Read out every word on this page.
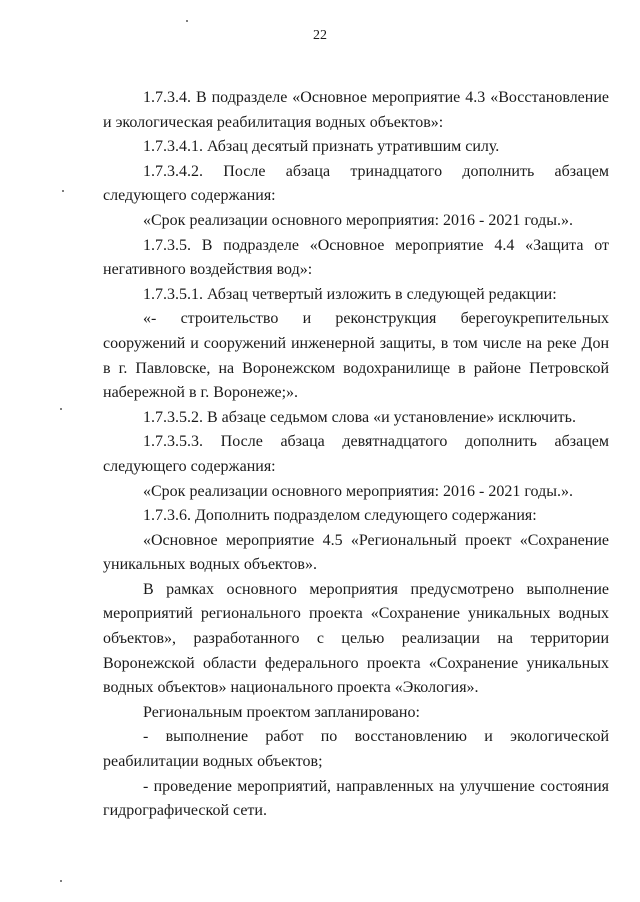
22

1.7.3.4. В подразделе «Основное мероприятие 4.3 «Восстановление и экологическая реабилитация водных объектов»:

1.7.3.4.1. Абзац десятый признать утратившим силу.

1.7.3.4.2. После абзаца тринадцатого дополнить абзацем следующего содержания:

«Срок реализации основного мероприятия: 2016 - 2021 годы.».

1.7.3.5. В подразделе «Основное мероприятие 4.4 «Защита от негативного воздействия вод»:

1.7.3.5.1. Абзац четвертый изложить в следующей редакции:

«- строительство и реконструкция берегоукрепительных сооружений и сооружений инженерной защиты, в том числе на реке Дон в г. Павловске, на Воронежском водохранилище в районе Петровской набережной в г. Воронеже;».

1.7.3.5.2. В абзаце седьмом слова «и установление» исключить.

1.7.3.5.3. После абзаца девятнадцатого дополнить абзацем следующего содержания:

«Срок реализации основного мероприятия: 2016 - 2021 годы.».

1.7.3.6. Дополнить подразделом следующего содержания:

«Основное мероприятие 4.5 «Региональный проект «Сохранение уникальных водных объектов».

В рамках основного мероприятия предусмотрено выполнение мероприятий регионального проекта «Сохранение уникальных водных объектов», разработанного с целью реализации на территории Воронежской области федерального проекта «Сохранение уникальных водных объектов» национального проекта «Экология».

Региональным проектом запланировано:

- выполнение работ по восстановлению и экологической реабилитации водных объектов;

- проведение мероприятий, направленных на улучшение состояния гидрографической сети.
